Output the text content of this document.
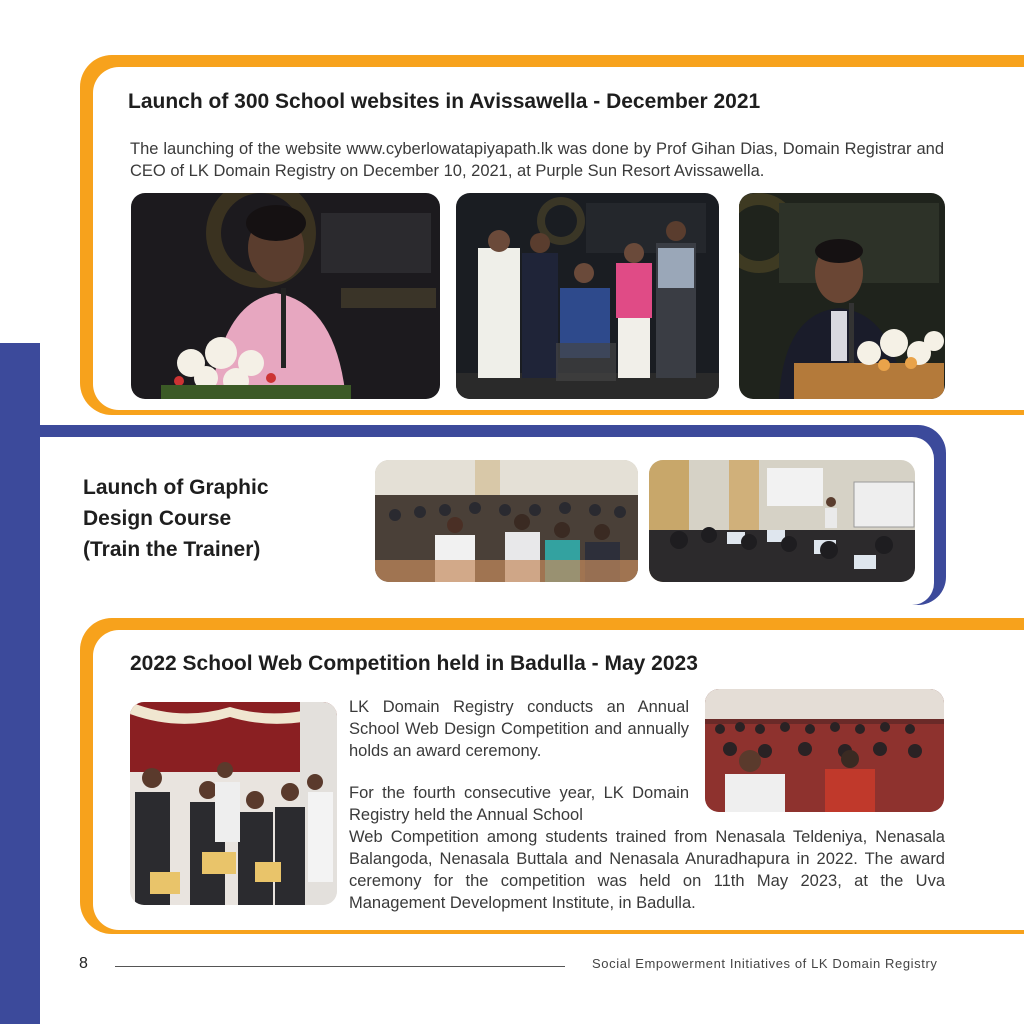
Launch of 300 School websites in Avissawella - December 2021

The launching of the website www.cyberlowatapiyapath.lk was done by Prof Gihan Dias, Domain Registrar and CEO of LK Domain Registry on December 10, 2021, at Purple Sun Resort Avissawella.

Launch of Graphic
Design Course
(Train the Trainer)
2022 School Web Competition held in Badulla - May 2023

LK Domain Registry conducts an Annual School Web Design Competition and annually holds an award ceremony.

For the fourth consecutive year, LK Domain Registry held the Annual School

Web Competition among students trained from Nenasala Teldeniya, Nenasala Balangoda, Nenasala Buttala and Nenasala Anuradhapura in 2022. The award ceremony for the competition was held on 11th May 2023, at the Uva Management Development Institute, in Badulla.

8	Social Empowerment Initiatives of LK Domain Registry
